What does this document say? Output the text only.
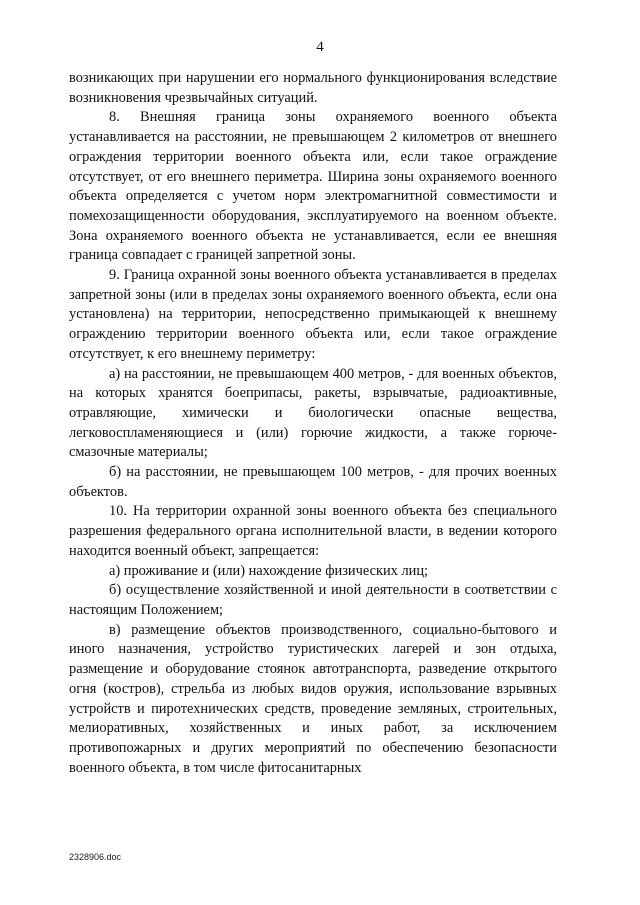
4

возникающих при нарушении его нормального функционирования вследствие возникновения чрезвычайных ситуаций.

8. Внешняя граница зоны охраняемого военного объекта устанавливается на расстоянии, не превышающем 2 километров от внешнего ограждения территории военного объекта или, если такое ограждение отсутствует, от его внешнего периметра. Ширина зоны охраняемого военного объекта определяется с учетом норм электромагнитной совместимости и помехозащищенности оборудования, эксплуатируемого на военном объекте. Зона охраняемого военного объекта не устанавливается, если ее внешняя граница совпадает с границей запретной зоны.

9. Граница охранной зоны военного объекта устанавливается в пределах запретной зоны (или в пределах зоны охраняемого военного объекта, если она установлена) на территории, непосредственно примыкающей к внешнему ограждению территории военного объекта или, если такое ограждение отсутствует, к его внешнему периметру:

а) на расстоянии, не превышающем 400 метров, - для военных объектов, на которых хранятся боеприпасы, ракеты, взрывчатые, радиоактивные, отравляющие, химически и биологически опасные вещества, легковоспламеняющиеся и (или) горючие жидкости, а также горюче-смазочные материалы;

б) на расстоянии, не превышающем 100 метров, - для прочих военных объектов.

10. На территории охранной зоны военного объекта без специального разрешения федерального органа исполнительной власти, в ведении которого находится военный объект, запрещается:

а) проживание и (или) нахождение физических лиц;

б) осуществление хозяйственной и иной деятельности в соответствии с настоящим Положением;

в) размещение объектов производственного, социально-бытового и иного назначения, устройство туристических лагерей и зон отдыха, размещение и оборудование стоянок автотранспорта, разведение открытого огня (костров), стрельба из любых видов оружия, использование взрывных устройств и пиротехнических средств, проведение земляных, строительных, мелиоративных, хозяйственных и иных работ, за исключением противопожарных и других мероприятий по обеспечению безопасности военного объекта, в том числе фитосанитарных

2328906.doc
